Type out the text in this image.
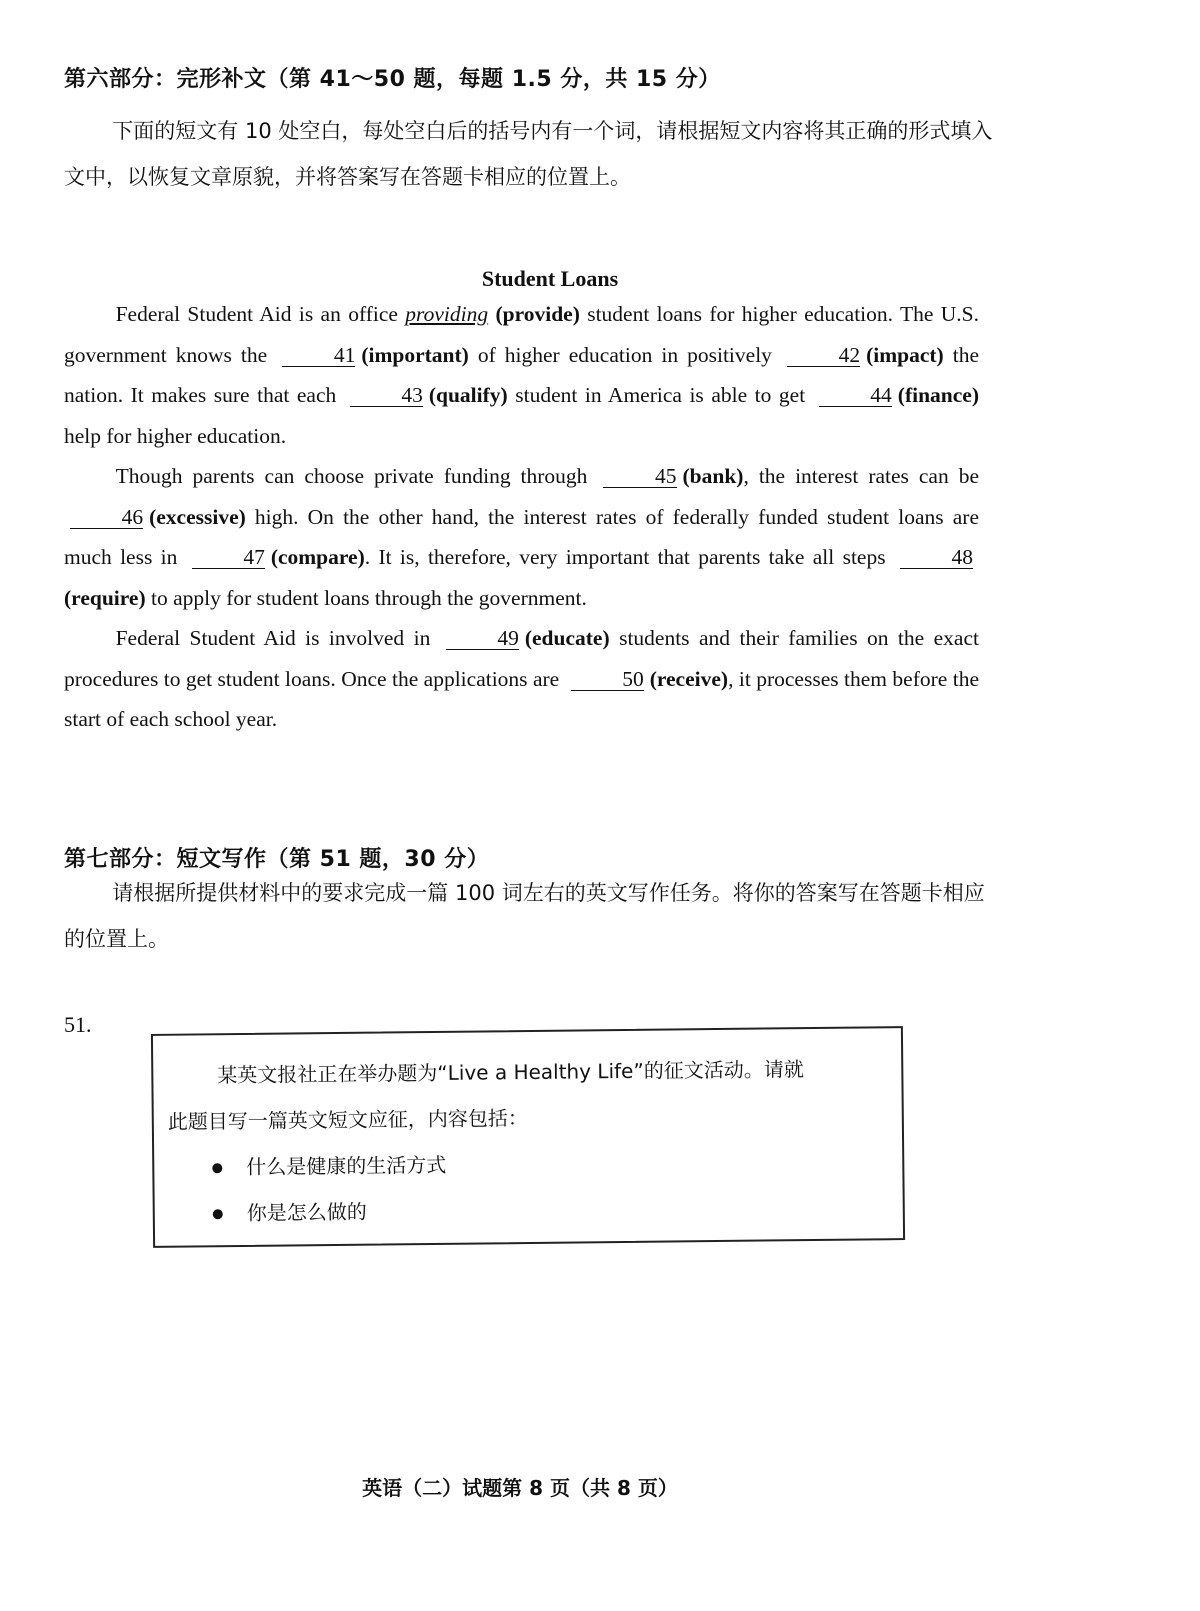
第六部分：完形补文（第 41～50 题，每题 1.5 分，共 15 分）
下面的短文有 10 处空白，每处空白后的括号内有一个词，请根据短文内容将其正确的形式填入文中，以恢复文章原貌，并将答案写在答题卡相应的位置上。
Student Loans

Federal Student Aid is an office providing (provide) student loans for higher education. The U.S. government knows the	41 (important) of higher education in positively	42 (impact) the nation. It makes sure that each	43 (qualify) student in America is able to get	44 (finance) help for higher education.

Though parents can choose private funding through	45 (bank), the interest rates can be 46 (excessive) high. On the other hand, the interest rates of federally funded student loans are much less in	47 (compare). It is, therefore, very important that parents take all steps	48(require) to apply for student loans through the government.

Federal Student Aid is involved in	49 (educate) students and their families on the exact procedures to get student loans. Once the applications are	50 (receive), it processes them before the start of each school year.

第七部分：短文写作（第 51 题，30 分）
请根据所提供材料中的要求完成一篇 100 词左右的英文写作任务。将你的答案写在答题卡相应的位置上。
51.
某英文报社正在举办题为“Live a Healthy Life”的征文活动。请就
此题目写一篇英文短文应征，内容包括：
什么是健康的生活方式
你是怎么做的
英语（二）试题第 8 页（共 8 页）
